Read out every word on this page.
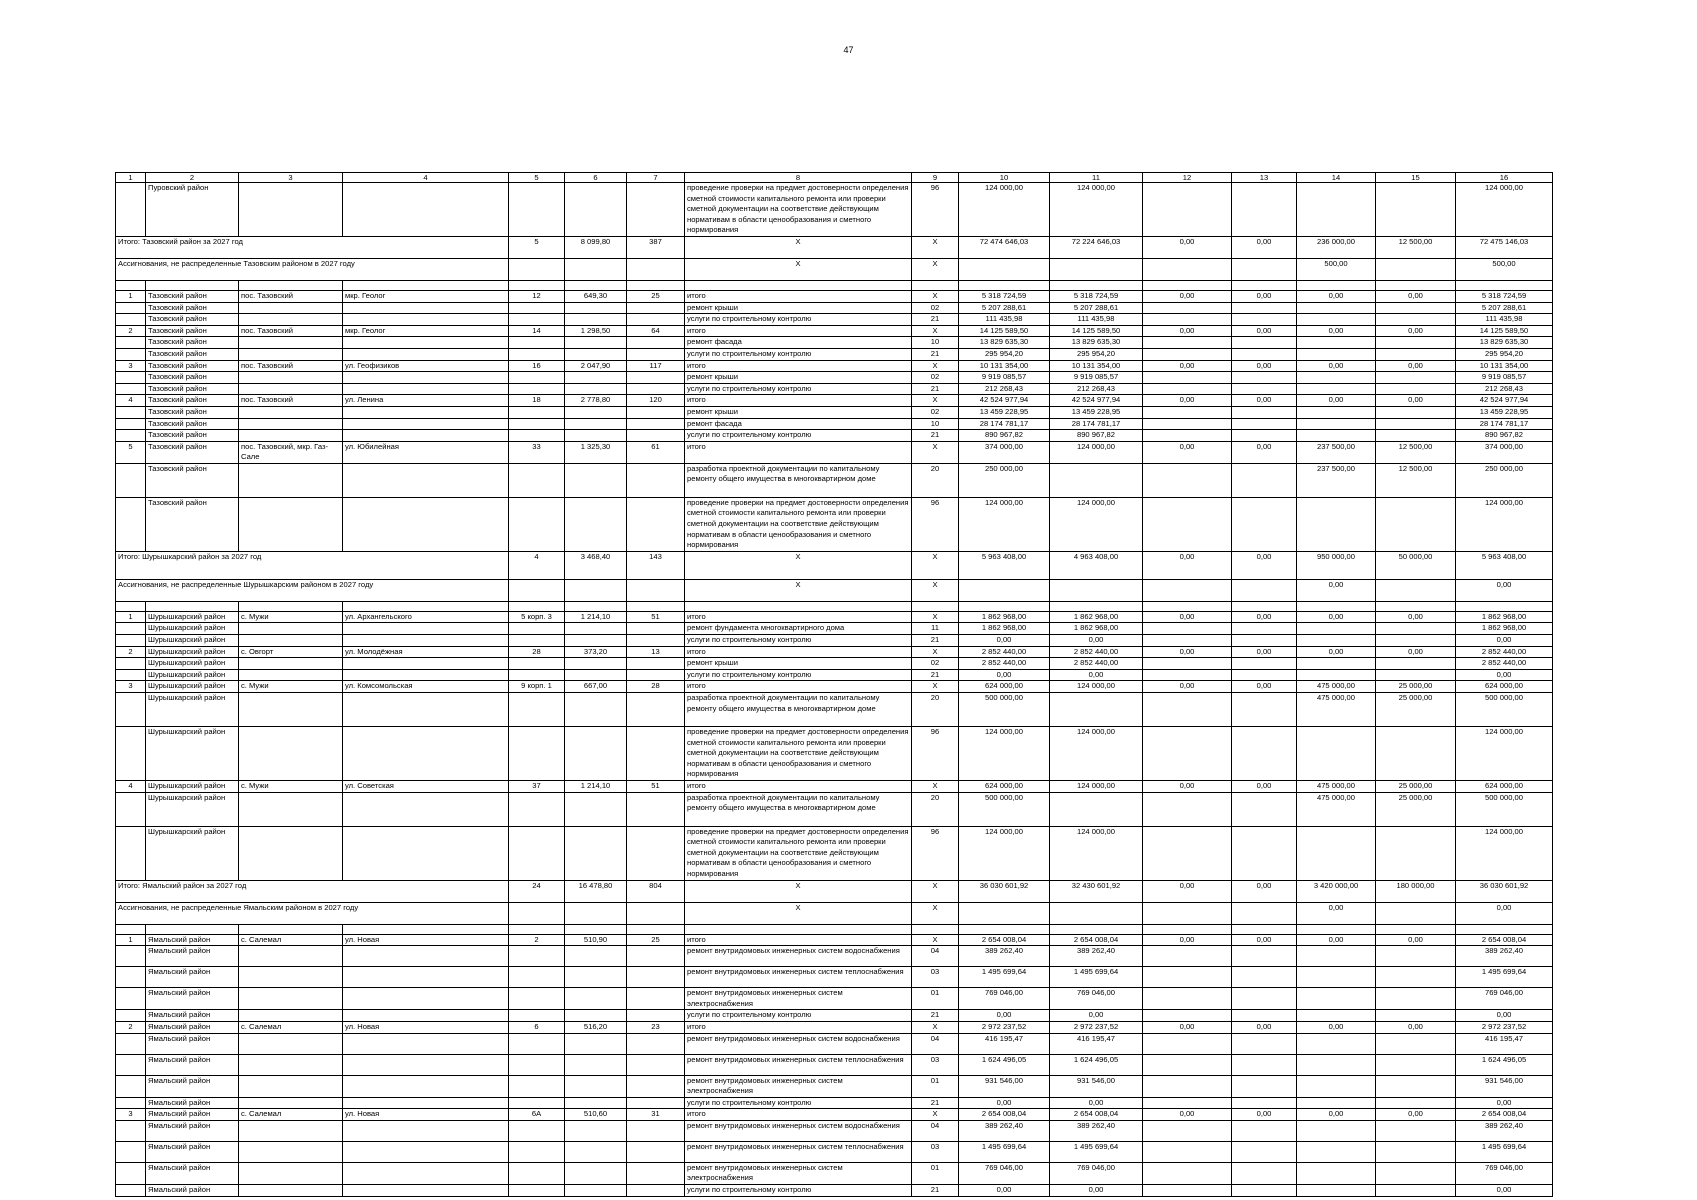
47
1	2	3	4	5	6	7	8	9	10	11	12	13	14	15	16
	Пуровский район						проведение проверки на предмет достоверности определения сметной стоимости капитального ремонта или проверки сметной документации на соответствие действующим нормативам в области ценообразования и сметного нормирования	96	124 000,00	124 000,00					124 000,00
Итого: Тазовский район за 2027 год				5	8 099,80	387	X	X	72 474 646,03	72 224 646,03	0,00	0,00	236 000,00	12 500,00	72 475 146,03
Ассигнования, не распределенные Тазовским районом в 2027 году							X	X					500,00		500,00

1	Тазовский район	пос. Тазовский	мкр. Геолог	12	649,30	25	итого	X	5 318 724,59	5 318 724,59	0,00	0,00	0,00	0,00	5 318 724,59
	Тазовский район						ремонт крыши	02	5 207 288,61	5 207 288,61					5 207 288,61
	Тазовский район						услуги по строительному контролю	21	111 435,98	111 435,98					111 435,98
2	Тазовский район	пос. Тазовский	мкр. Геолог	14	1 298,50	64	итого	X	14 125 589,50	14 125 589,50	0,00	0,00	0,00	0,00	14 125 589,50
	Тазовский район						ремонт фасада	10	13 829 635,30	13 829 635,30					13 829 635,30
	Тазовский район						услуги по строительному контролю	21	295 954,20	295 954,20					295 954,20
3	Тазовский район	пос. Тазовский	ул. Геофизиков	16	2 047,90	117	итого	X	10 131 354,00	10 131 354,00	0,00	0,00	0,00	0,00	10 131 354,00
	Тазовский район						ремонт крыши	02	9 919 085,57	9 919 085,57					9 919 085,57
	Тазовский район						услуги по строительному контролю	21	212 268,43	212 268,43					212 268,43
4	Тазовский район	пос. Тазовский	ул. Ленина	18	2 778,80	120	итого	X	42 524 977,94	42 524 977,94	0,00	0,00	0,00	0,00	42 524 977,94
	Тазовский район						ремонт крыши	02	13 459 228,95	13 459 228,95					13 459 228,95
	Тазовский район						ремонт фасада	10	28 174 781,17	28 174 781,17					28 174 781,17
	Тазовский район						услуги по строительному контролю	21	890 967,82	890 967,82					890 967,82
5	Тазовский район	пос. Тазовский, мкр. Газ-Сале	ул. Юбилейная	33	1 325,30	61	итого	X	374 000,00	124 000,00	0,00	0,00	237 500,00	12 500,00	374 000,00
	Тазовский район						разработка проектной документации по капитальному ремонту общего имущества в многоквартирном доме	20	250 000,00				237 500,00	12 500,00	250 000,00
	Тазовский район						проведение проверки на предмет достоверности определения сметной стоимости капитального ремонта или проверки сметной документации на соответствие действующим нормативам в области ценообразования и сметного нормирования	96	124 000,00	124 000,00					124 000,00
Итого: Шурышкарский район за 2027 год				4	3 468,40	143	X	X	5 963 408,00	4 963 408,00	0,00	0,00	950 000,00	50 000,00	5 963 408,00
Ассигнования, не распределенные Шурышкарским районом в 2027 году							X	X					0,00		0,00

1	Шурышкарский район	с. Мужи	ул. Архангельского	5 корп. 3	1 214,10	51	итого	X	1 862 968,00	1 862 968,00	0,00	0,00	0,00	0,00	1 862 968,00
	Шурышкарский район						ремонт фундамента многоквартирного дома	11	1 862 968,00	1 862 968,00					1 862 968,00
	Шурышкарский район						услуги по строительному контролю	21	0,00	0,00					0,00
2	Шурышкарский район	с. Овгорт	ул. Молодёжная	28	373,20	13	итого	X	2 852 440,00	2 852 440,00	0,00	0,00	0,00	0,00	2 852 440,00
	Шурышкарский район						ремонт крыши	02	2 852 440,00	2 852 440,00					2 852 440,00
	Шурышкарский район						услуги по строительному контролю	21	0,00	0,00					0,00
3	Шурышкарский район	с. Мужи	ул. Комсомольская	9 корп. 1	667,00	28	итого	X	624 000,00	124 000,00	0,00	0,00	475 000,00	25 000,00	624 000,00
	Шурышкарский район						разработка проектной документации по капитальному ремонту общего имущества в многоквартирном доме	20	500 000,00				475 000,00	25 000,00	500 000,00
	Шурышкарский район						проведение проверки на предмет достоверности определения сметной стоимости капитального ремонта или проверки сметной документации на соответствие действующим нормативам в области ценообразования и сметного нормирования	96	124 000,00	124 000,00					124 000,00
4	Шурышкарский район	с. Мужи	ул. Советская	37	1 214,10	51	итого	X	624 000,00	124 000,00	0,00	0,00	475 000,00	25 000,00	624 000,00
	Шурышкарский район						разработка проектной документации по капитальному ремонту общего имущества в многоквартирном доме	20	500 000,00				475 000,00	25 000,00	500 000,00
	Шурышкарский район						проведение проверки на предмет достоверности определения сметной стоимости капитального ремонта или проверки сметной документации на соответствие действующим нормативам в области ценообразования и сметного нормирования	96	124 000,00	124 000,00					124 000,00
Итого: Ямальский район за 2027 год				24	16 478,80	804	X	X	36 030 601,92	32 430 601,92	0,00	0,00	3 420 000,00	180 000,00	36 030 601,92
Ассигнования, не распределенные Ямальским районом в 2027 году							X	X					0,00		0,00

1	Ямальский район	с. Салемал	ул. Новая	2	510,90	25	итого	X	2 654 008,04	2 654 008,04	0,00	0,00	0,00	0,00	2 654 008,04
	Ямальский район						ремонт внутридомовых инженерных систем водоснабжения	04	389 262,40	389 262,40					389 262,40
	Ямальский район						ремонт внутридомовых инженерных систем теплоснабжения	03	1 495 699,64	1 495 699,64					1 495 699,64
	Ямальский район						ремонт внутридомовых инженерных систем электроснабжения	01	769 046,00	769 046,00					769 046,00
	Ямальский район						услуги по строительному контролю	21	0,00	0,00					0,00
2	Ямальский район	с. Салемал	ул. Новая	6	516,20	23	итого	X	2 972 237,52	2 972 237,52	0,00	0,00	0,00	0,00	2 972 237,52
	Ямальский район						ремонт внутридомовых инженерных систем водоснабжения	04	416 195,47	416 195,47					416 195,47
	Ямальский район						ремонт внутридомовых инженерных систем теплоснабжения	03	1 624 496,05	1 624 496,05					1 624 496,05
	Ямальский район						ремонт внутридомовых инженерных систем электроснабжения	01	931 546,00	931 546,00					931 546,00
	Ямальский район						услуги по строительному контролю	21	0,00	0,00					0,00
3	Ямальский район	с. Салемал	ул. Новая	6А	510,60	31	итого	X	2 654 008,04	2 654 008,04	0,00	0,00	0,00	0,00	2 654 008,04
	Ямальский район						ремонт внутридомовых инженерных систем водоснабжения	04	389 262,40	389 262,40					389 262,40
	Ямальский район						ремонт внутридомовых инженерных систем теплоснабжения	03	1 495 699,64	1 495 699,64					1 495 699,64
	Ямальский район						ремонт внутридомовых инженерных систем электроснабжения	01	769 046,00	769 046,00					769 046,00
	Ямальский район						услуги по строительному контролю	21	0,00	0,00					0,00
